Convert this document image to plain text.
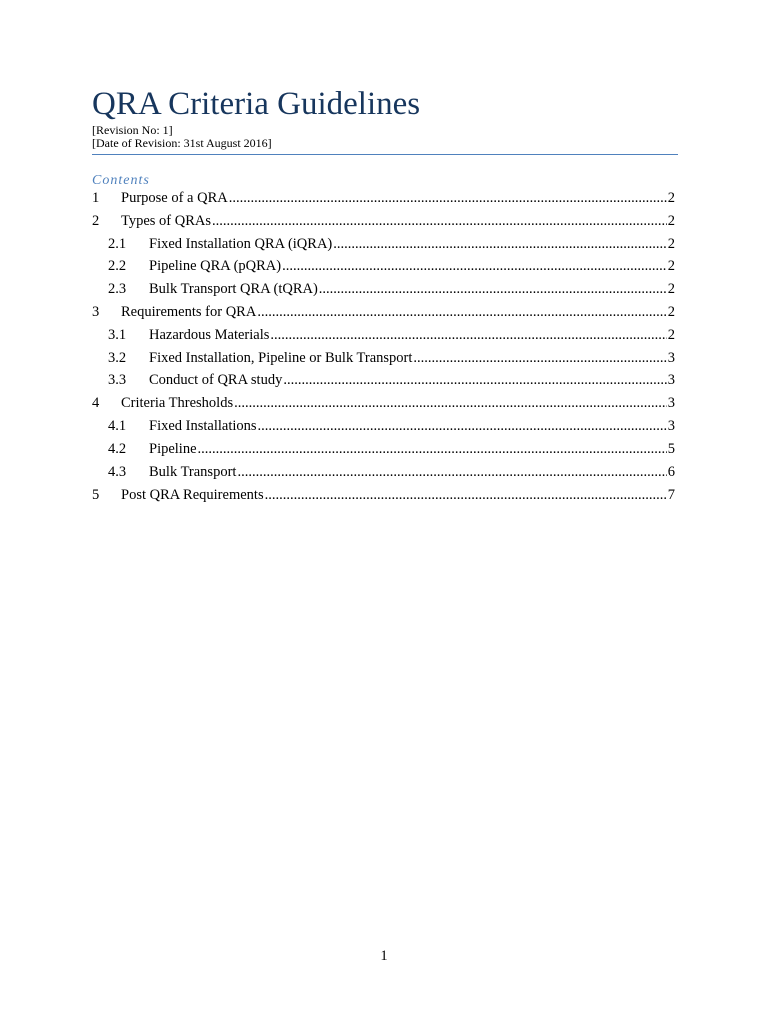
QRA Criteria Guidelines
[Revision No: 1]
[Date of Revision: 31st August 2016]
Contents
1	Purpose of a QRA .....	2
2	Types of QRAs .....	2
2.1	Fixed Installation QRA (iQRA) .....	2
2.2	Pipeline QRA (pQRA) .....	2
2.3	Bulk Transport QRA (tQRA) .....	2
3	Requirements for QRA .....	2
3.1	Hazardous Materials .....	2
3.2	Fixed Installation, Pipeline or Bulk Transport .....	3
3.3	Conduct of QRA study .....	3
4	Criteria Thresholds .....	3
4.1	Fixed Installations .....	3
4.2	Pipeline .....	5
4.3	Bulk Transport .....	6
5	Post QRA Requirements .....	7
1
